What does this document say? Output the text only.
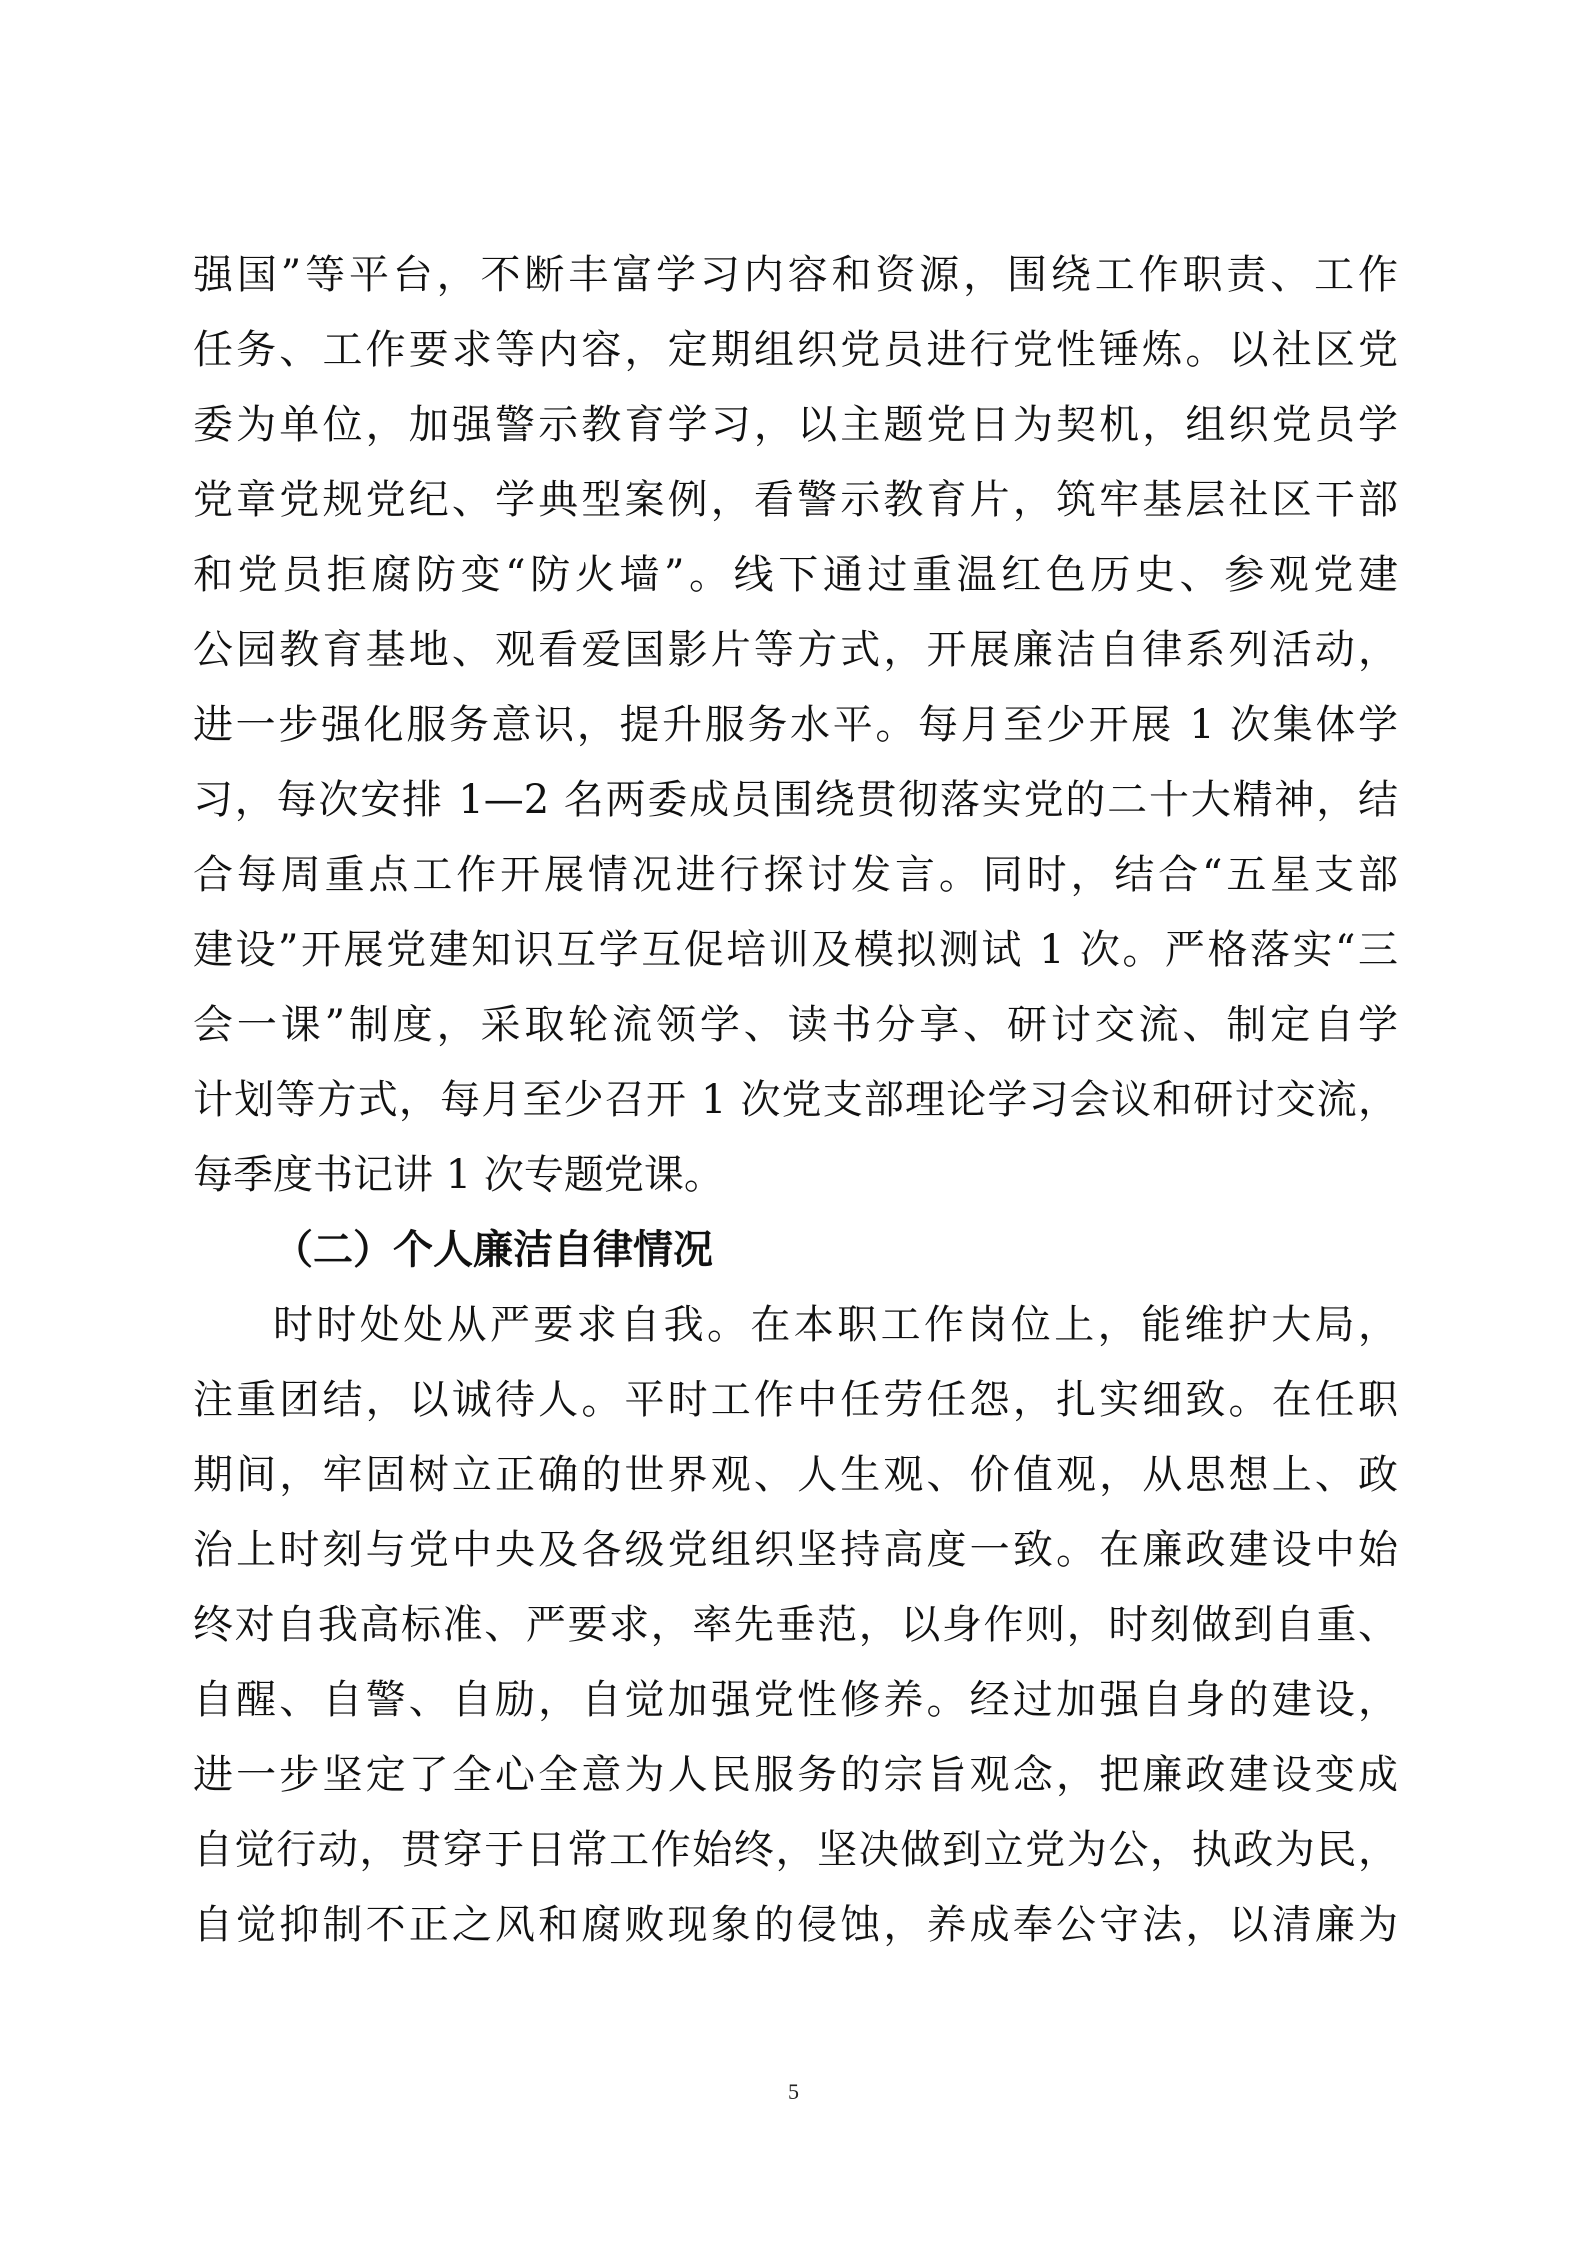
强国”等平台，不断丰富学习内容和资源，围绕工作职责、工作
任务、工作要求等内容，定期组织党员进行党性锤炼。以社区党
委为单位，加强警示教育学习，以主题党日为契机，组织党员学
党章党规党纪、学典型案例，看警示教育片，筑牢基层社区干部
和党员拒腐防变“防火墙”。线下通过重温红色历史、参观党建
公园教育基地、观看爱国影片等方式，开展廉洁自律系列活动，
进一步强化服务意识，提升服务水平。每月至少开展 1 次集体学
习，每次安排 1—2 名两委成员围绕贯彻落实党的二十大精神，结
合每周重点工作开展情况进行探讨发言。同时，结合“五星支部
建设”开展党建知识互学互促培训及模拟测试 1 次。严格落实“三
会一课”制度，采取轮流领学、读书分享、研讨交流、制定自学
计划等方式，每月至少召开 1 次党支部理论学习会议和研讨交流，
每季度书记讲 1 次专题党课。
（二）个人廉洁自律情况
时时处处从严要求自我。在本职工作岗位上，能维护大局，
注重团结，以诚待人。平时工作中任劳任怨，扎实细致。在任职
期间，牢固树立正确的世界观、人生观、价值观，从思想上、政
治上时刻与党中央及各级党组织坚持高度一致。在廉政建设中始
终对自我高标准、严要求，率先垂范，以身作则，时刻做到自重、
自醒、自警、自励，自觉加强党性修养。经过加强自身的建设，
进一步坚定了全心全意为人民服务的宗旨观念，把廉政建设变成
自觉行动，贯穿于日常工作始终，坚决做到立党为公，执政为民，
自觉抑制不正之风和腐败现象的侵蚀，养成奉公守法，以清廉为
5
